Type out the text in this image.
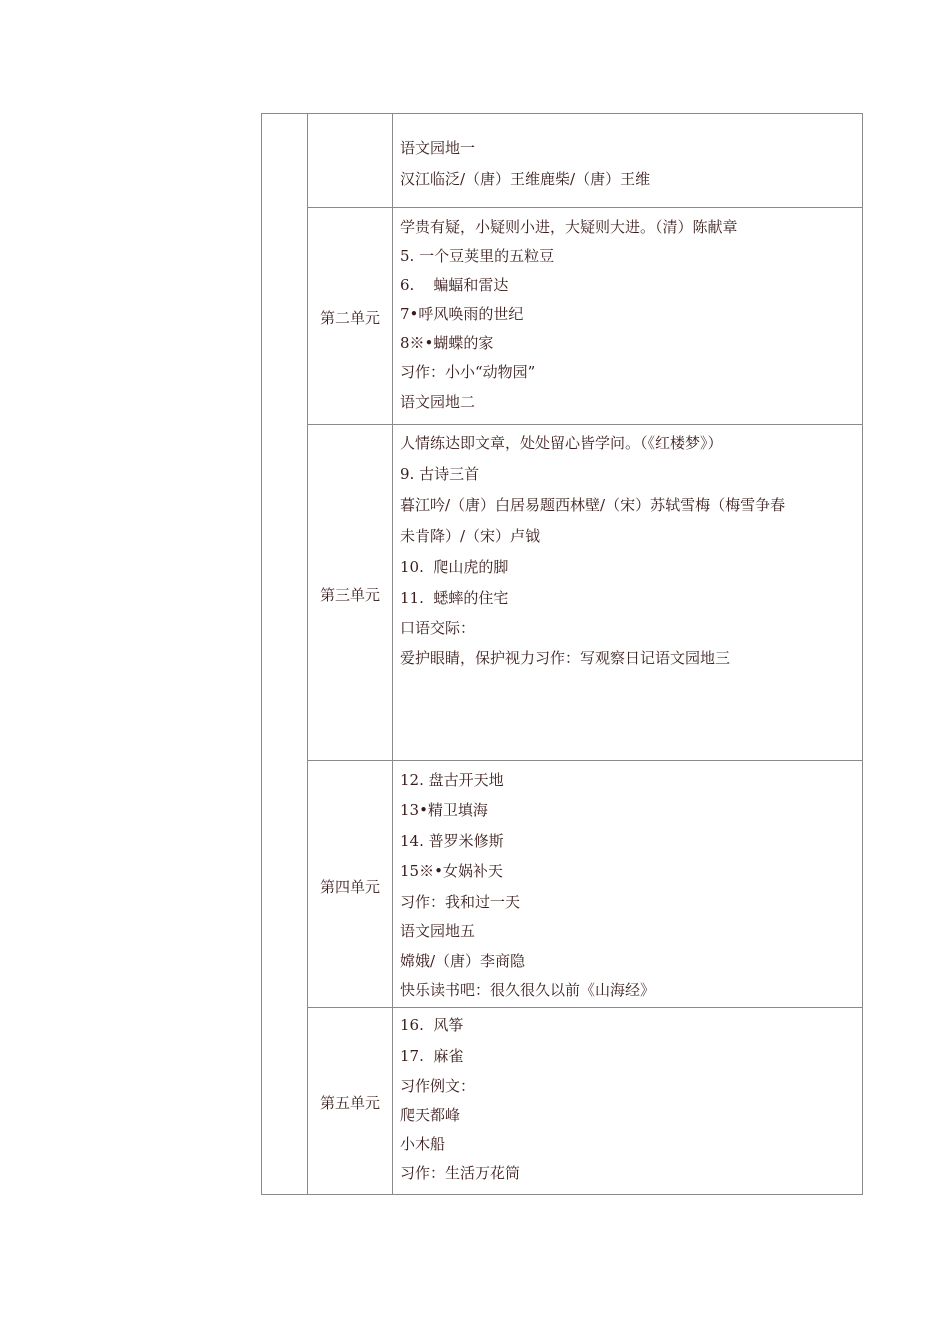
语文园地一
汉江临泛/（唐）王维鹿柴/（唐）王维
第二单元
学贵有疑，小疑则小进，大疑则大进。（清）陈献章
5. 一个豆荚里的五粒豆
6.    蝙蝠和雷达
7•呼风唤雨的世纪
8※•蝴蝶的家
习作：小小“动物园”
语文园地二
第三单元
人情练达即文章，处处留心皆学问。（《红楼梦》）
9. 古诗三首
暮江吟/（唐）白居易题西林壁/（宋）苏轼雪梅（梅雪争春
未肯降）/（宋）卢钺
10.  爬山虎的脚
11.  蟋蟀的住宅
口语交际：
爱护眼睛，保护视力习作：写观察日记语文园地三
第四单元
12. 盘古开天地
13•精卫填海
14. 普罗米修斯
15※•女娲补天
习作：我和过一天
语文园地五
嫦娥/（唐）李商隐
快乐读书吧：很久很久以前《山海经》
第五单元
16.  风筝
17.  麻雀
习作例文：
爬天都峰
小木船
习作：生活万花筒
